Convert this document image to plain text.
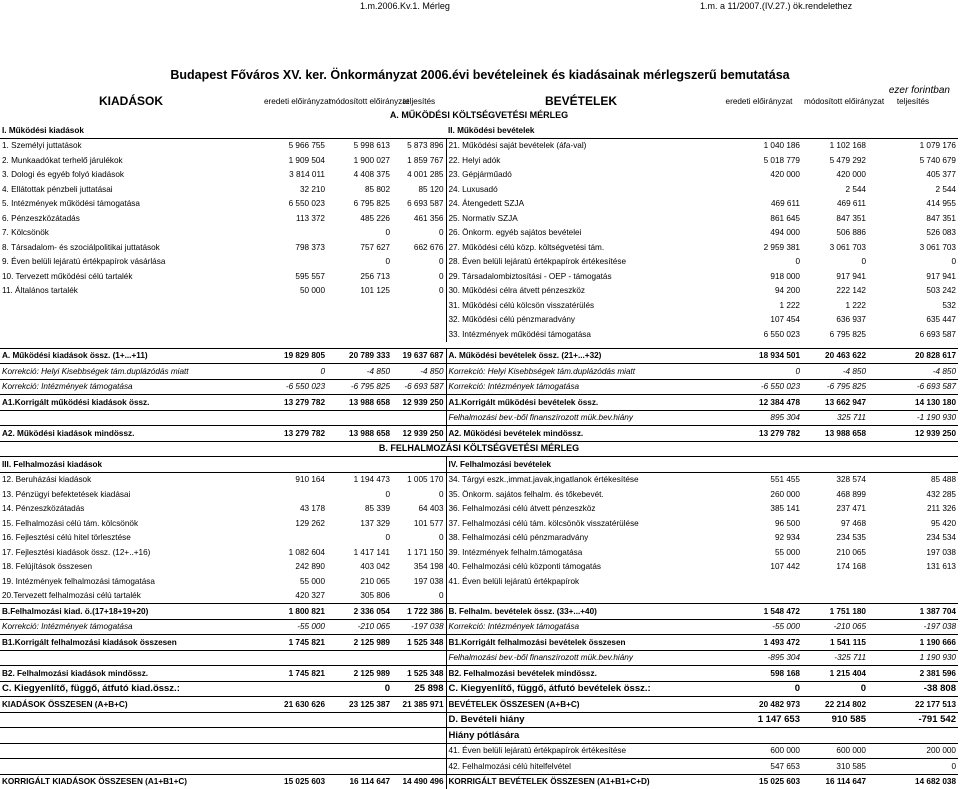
1.m.2006.Kv.1. Mérleg	1.m. a 11/2007.(IV.27.) ök.rendelethez
Budapest Főváros XV. ker. Önkormányzat 2006.évi bevételeinek és kiadásainak mérlegszerű bemutatása
ezer forintban
KIADÁSOK	eredeti előirányzat	módosított előirányzat	teljesítés	BEVÉTELEK	eredeti előirányzat	módosított előirányzat	teljesítés
A. MŰKÖDÉSI KÖLTSÉGVETÉSI MÉRLEG							
I. Működési kiadások				II. Működési bevételek			
1. Személyi juttatások	5 966 755	5 998 613	5 873 896	21. Működési saját bevételek (áfa-val)	1 040 186	1 102 168	1 079 176
2. Munkaadókat terhelő járulékok	1 909 504	1 900 027	1 859 767	22. Helyi adók	5 018 779	5 479 292	5 740 679
3. Dologi és egyéb folyó kiadások	3 814 011	4 408 375	4 001 285	23. Gépjárműadó	420 000	420 000	405 377
4. Ellátottak pénzbeli juttatásai	32 210	85 802	85 120	24. Luxusadó		2 544	2 544
5. Intézmények működési támogatása	6 550 023	6 795 825	6 693 587	24. Átengedett SZJA	469 611	469 611	414 955
6. Pénzeszközátadás	113 372	485 226	461 356	25. Normatív SZJA	861 645	847 351	847 351
7. Kölcsönök		0	0	26. Önkorm. egyéb sajátos bevételei	494 000	506 886	526 083
8. Társadalom- és szociálpolitikai juttatások	798 373	757 627	662 676	27. Működési célú közp. költségvetési tám.	2 959 381	3 061 703	3 061 703
9. Éven belüli lejáratú értékpapírok vásárlása		0	0	28. Éven belüli lejáratú értékpapírok értékesítése	0	0	0
10. Tervezett működési célú tartalék	595 557	256 713	0	29. Társadalombiztosítási - OEP - támogatás	918 000	917 941	917 941
11. Általános tartalék	50 000	101 125	0	30. Működési célra átvett pénzeszköz	94 200	222 142	503 242
				31. Működési célú kölcsön visszatérülés	1 222	1 222	532
				32. Működési célú pénzmaradvány	107 454	636 937	635 447
				33. Intézmények működési támogatása	6 550 023	6 795 825	6 693 587

A. Működési kiadások össz. (1+...+11)	19 829 805	20 789 333	19 637 687	A. Működési bevételek össz. (21+...+32)	18 934 501	20 463 622	20 828 617
Korrekció: Helyi Kisebbségek tám.duplázódás miatt	0	-4 850	-4 850	Korrekció: Helyi Kisebbségek tám.duplázódás miatt	0	-4 850	-4 850
Korrekció: Intézmények támogatása	-6 550 023	-6 795 825	-6 693 587	Korrekció: Intézmények támogatása	-6 550 023	-6 795 825	-6 693 587
A1.Korrigált működési kiadások össz.	13 279 782	13 988 658	12 939 250	A1.Korrigált működési bevételek össz.	12 384 478	13 662 947	14 130 180
				Felhalmozási bev.-ből finanszírozott mük.bev.hiány	895 304	325 711	-1 190 930
A2. Működési kiadások mindössz.	13 279 782	13 988 658	12 939 250	A2. Működési bevételek mindössz.	13 279 782	13 988 658	12 939 250
B. FELHALMOZÁSI KÖLTSÉGVETÉSI MÉRLEG							
III. Felhalmozási kiadások				IV. Felhalmozási bevételek			
12. Beruházási kiadások	910 164	1 194 473	1 005 170	34. Tárgyi eszk.,immat.javak,ingatlanok értékesítése	551 455	328 574	85 488
13. Pénzügyi befektetések kiadásai		0	0	35. Önkorm. sajátos felhalm. és tőkebevét.	260 000	468 899	432 285
14. Pénzeszközátadás	43 178	85 339	64 403	36. Felhalmozási célú átvett pénzeszköz	385 141	237 471	211 326
15. Felhalmozási célú tám. kölcsönök	129 262	137 329	101 577	37. Felhalmozási célú tám. kölcsönök visszatérülése	96 500	97 468	95 420
16. Fejlesztési célú hitel törlesztése		0	0	38. Felhalmozási célú pénzmaradvány	92 934	234 535	234 534
17. Fejlesztési kiadások össz. (12+..+16)	1 082 604	1 417 141	1 171 150	39. Intézmények felhalm.támogatása	55 000	210 065	197 038
18. Felújítások összesen	242 890	403 042	354 198	40. Felhalmozási célú központi támogatás	107 442	174 168	131 613
19. Intézmények felhalmozási támogatása	55 000	210 065	197 038	41. Éven belüli lejáratú értékpapírok			
20.Tervezett felhalmozási célú tartalék	420 327	305 806	0				
B.Felhalmozási kiad. ö.(17+18+19+20)	1 800 821	2 336 054	1 722 386	B. Felhalm. bevételek össz. (33+...+40)	1 548 472	1 751 180	1 387 704
Korrekció: Intézmények támogatása	-55 000	-210 065	-197 038	Korrekció: Intézmények támogatása	-55 000	-210 065	-197 038
B1.Korrigált felhalmozási kiadások összesen	1 745 821	2 125 989	1 525 348	B1.Korrigált felhalmozási bevételek összesen	1 493 472	1 541 115	1 190 666
				Felhalmozási bev.-ből finanszírozott mük.bev.hiány	-895 304	-325 711	1 190 930
B2. Felhalmozási kiadások mindössz.	1 745 821	2 125 989	1 525 348	B2. Felhalmozási bevételek mindössz.	598 168	1 215 404	2 381 596
C. Kiegyenlítő, függő, átfutó kiad.össz.:		0	25 898	C. Kiegyenlítő, függő, átfutó bevételek össz.:	0	0	-38 808
KIADÁSOK ÖSSZESEN (A+B+C)	21 630 626	23 125 387	21 385 971	BEVÉTELEK ÖSSZESEN (A+B+C)	20 482 973	22 214 802	22 177 513
				D. Bevételi hiány	1 147 653	910 585	-791 542
				Hiány pótlására			
				41. Éven belüli lejáratú értékpapírok értékesítése	600 000	600 000	200 000
				42. Felhalmozási célú hitelfelvétel	547 653	310 585	0
KORRIGÁLT KIADÁSOK ÖSSZESEN (A1+B1+C)	15 025 603	16 114 647	14 490 496	KORRIGÁLT BEVÉTELEK ÖSSZESEN (A1+B1+C+D)	15 025 603	16 114 647	14 682 038
